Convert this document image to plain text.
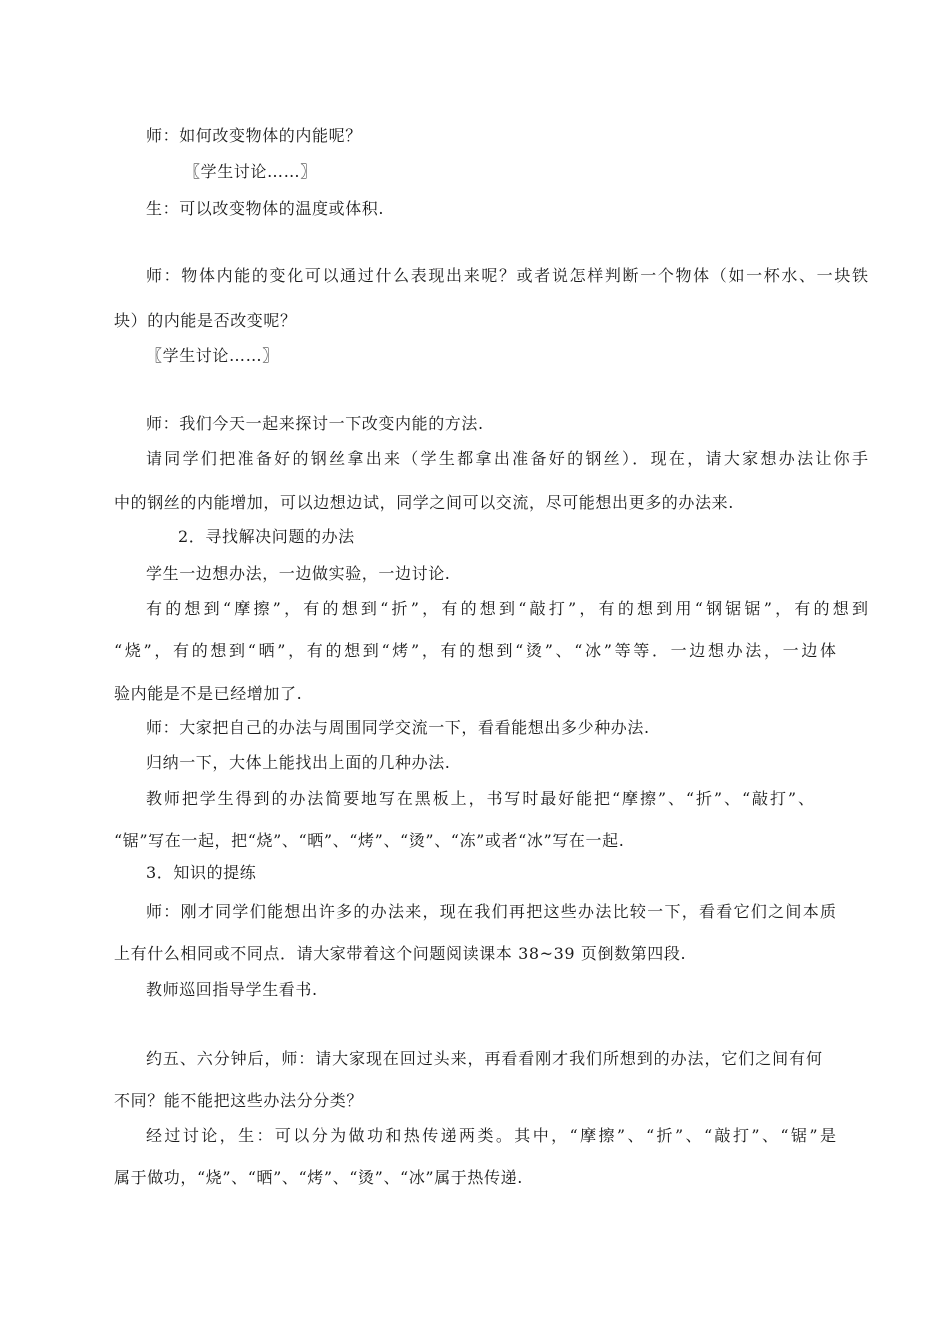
师：如何改变物体的内能呢？
〖学生讨论……〗
生：可以改变物体的温度或体积.
师：物体内能的变化可以通过什么表现出来呢？或者说怎样判断一个物体（如一杯水、一块铁
块）的内能是否改变呢？
〖学生讨论……〗
师：我们今天一起来探讨一下改变内能的方法.
请同学们把准备好的钢丝拿出来（学生都拿出准备好的钢丝）．现在，请大家想办法让你手
中的钢丝的内能增加，可以边想边试，同学之间可以交流，尽可能想出更多的办法来.
2．寻找解决问题的办法
学生一边想办法，一边做实验，一边讨论.
有的想到“摩擦”，有的想到“折”，有的想到“敲打”，有的想到用“钢锯锯”，有的想到
“烧”，有的想到“晒”，有的想到“烤”，有的想到“烫”、“冰”等等．一边想办法，一边体
验内能是不是已经增加了.
师：大家把自己的办法与周围同学交流一下，看看能想出多少种办法.
归纳一下，大体上能找出上面的几种办法.
教师把学生得到的办法简要地写在黑板上，书写时最好能把“摩擦”、“折”、“敲打”、
“锯”写在一起，把“烧”、“晒”、“烤”、“烫”、“冻”或者“冰”写在一起.
3．知识的提练
师：刚才同学们能想出许多的办法来，现在我们再把这些办法比较一下，看看它们之间本质
上有什么相同或不同点．请大家带着这个问题阅读课本 38~39 页倒数第四段.
教师巡回指导学生看书.
约五、六分钟后，师：请大家现在回过头来，再看看刚才我们所想到的办法，它们之间有何
不同？能不能把这些办法分分类？
经过讨论，生：可以分为做功和热传递两类。其中，“摩擦”、“折”、“敲打”、“锯”是
属于做功，“烧”、“晒”、“烤”、“烫”、“冰”属于热传递.
